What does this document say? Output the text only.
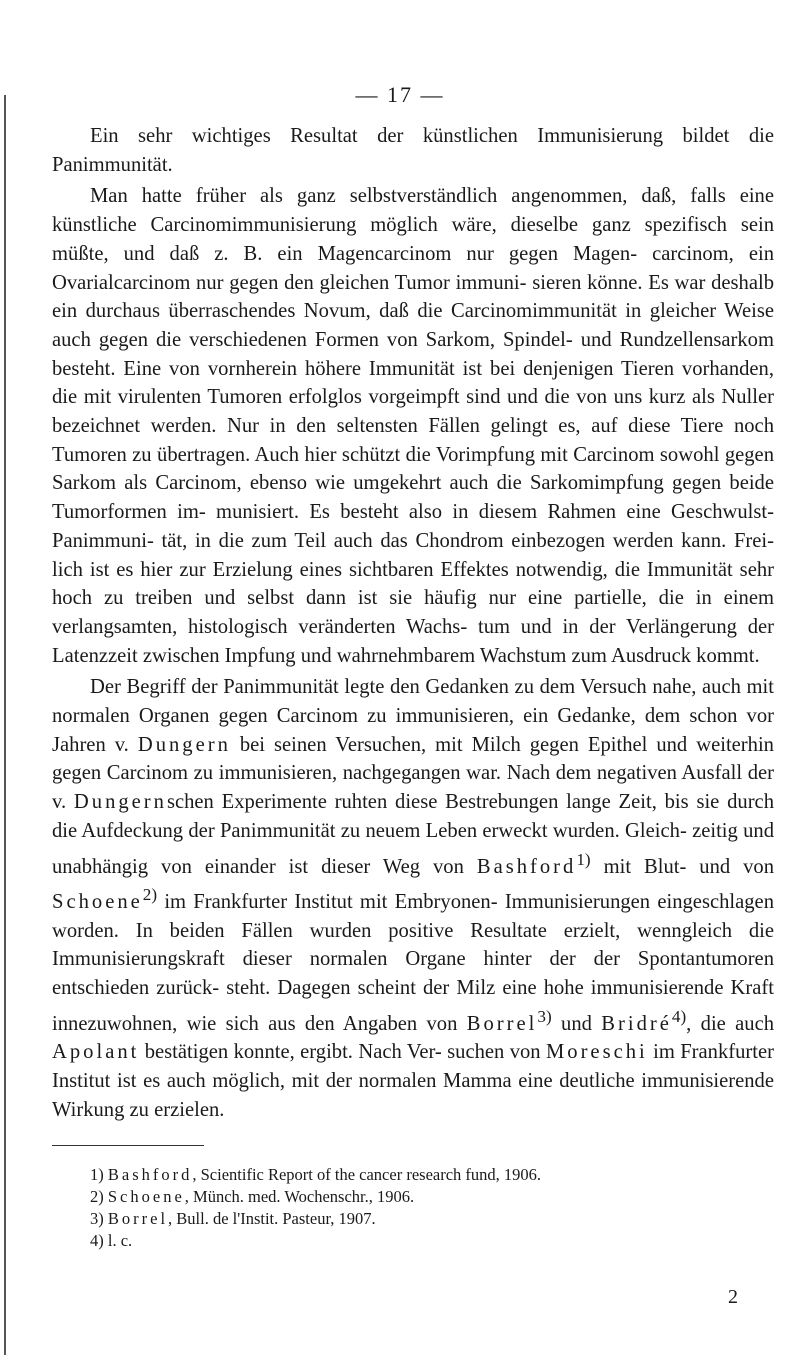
— 17 —

Ein sehr wichtiges Resultat der künstlichen Immunisierung bildet die Panimmunität.

Man hatte früher als ganz selbstverständlich angenommen, daß, falls eine künstliche Carcinomimmunisierung möglich wäre, dieselbe ganz spezifisch sein müßte, und daß z. B. ein Magencarcinom nur gegen Magen- carcinom, ein Ovarialcarcinom nur gegen den gleichen Tumor immuni- sieren könne. Es war deshalb ein durchaus überraschendes Novum, daß die Carcinomimmunität in gleicher Weise auch gegen die verschiedenen Formen von Sarkom, Spindel- und Rundzellensarkom besteht. Eine von vornherein höhere Immunität ist bei denjenigen Tieren vorhanden, die mit virulenten Tumoren erfolglos vorgeimpft sind und die von uns kurz als Nuller bezeichnet werden. Nur in den seltensten Fällen gelingt es, auf diese Tiere noch Tumoren zu übertragen. Auch hier schützt die Vorimpfung mit Carcinom sowohl gegen Sarkom als Carcinom, ebenso wie umgekehrt auch die Sarkomimpfung gegen beide Tumorformen im- munisiert. Es besteht also in diesem Rahmen eine Geschwulst-Panimmuni- tät, in die zum Teil auch das Chondrom einbezogen werden kann. Frei- lich ist es hier zur Erzielung eines sichtbaren Effektes notwendig, die Immunität sehr hoch zu treiben und selbst dann ist sie häufig nur eine partielle, die in einem verlangsamten, histologisch veränderten Wachs- tum und in der Verlängerung der Latenzzeit zwischen Impfung und wahrnehmbarem Wachstum zum Ausdruck kommt.

Der Begriff der Panimmunität legte den Gedanken zu dem Versuch nahe, auch mit normalen Organen gegen Carcinom zu immunisieren, ein Gedanke, dem schon vor Jahren v. Dungern bei seinen Versuchen, mit Milch gegen Epithel und weiterhin gegen Carcinom zu immunisieren, nachgegangen war. Nach dem negativen Ausfall der v. Dungernschen Experimente ruhten diese Bestrebungen lange Zeit, bis sie durch die Aufdeckung der Panimmunität zu neuem Leben erweckt wurden. Gleich- zeitig und unabhängig von einander ist dieser Weg von Bashford$^{1)}$ mit Blut- und von Schoene$^{2)}$ im Frankfurter Institut mit Embryonen- Immunisierungen eingeschlagen worden. In beiden Fällen wurden positive Resultate erzielt, wenngleich die Immunisierungskraft dieser normalen Organe hinter der der Spontantumoren entschieden zurück- steht. Dagegen scheint der Milz eine hohe immunisierende Kraft innezuwohnen, wie sich aus den Angaben von Borrel$^{3)}$ und Bridré$^{4)}$, die auch Apolant bestätigen konnte, ergibt. Nach Ver- suchen von Moreschi im Frankfurter Institut ist es auch möglich, mit der normalen Mamma eine deutliche immunisierende Wirkung zu erzielen.

1) Bashford, Scientific Report of the cancer research fund, 1906.

2) Schoene, Münch. med. Wochenschr., 1906.

3) Borrel, Bull. de l'Instit. Pasteur, 1907.

4) l. c.

2
